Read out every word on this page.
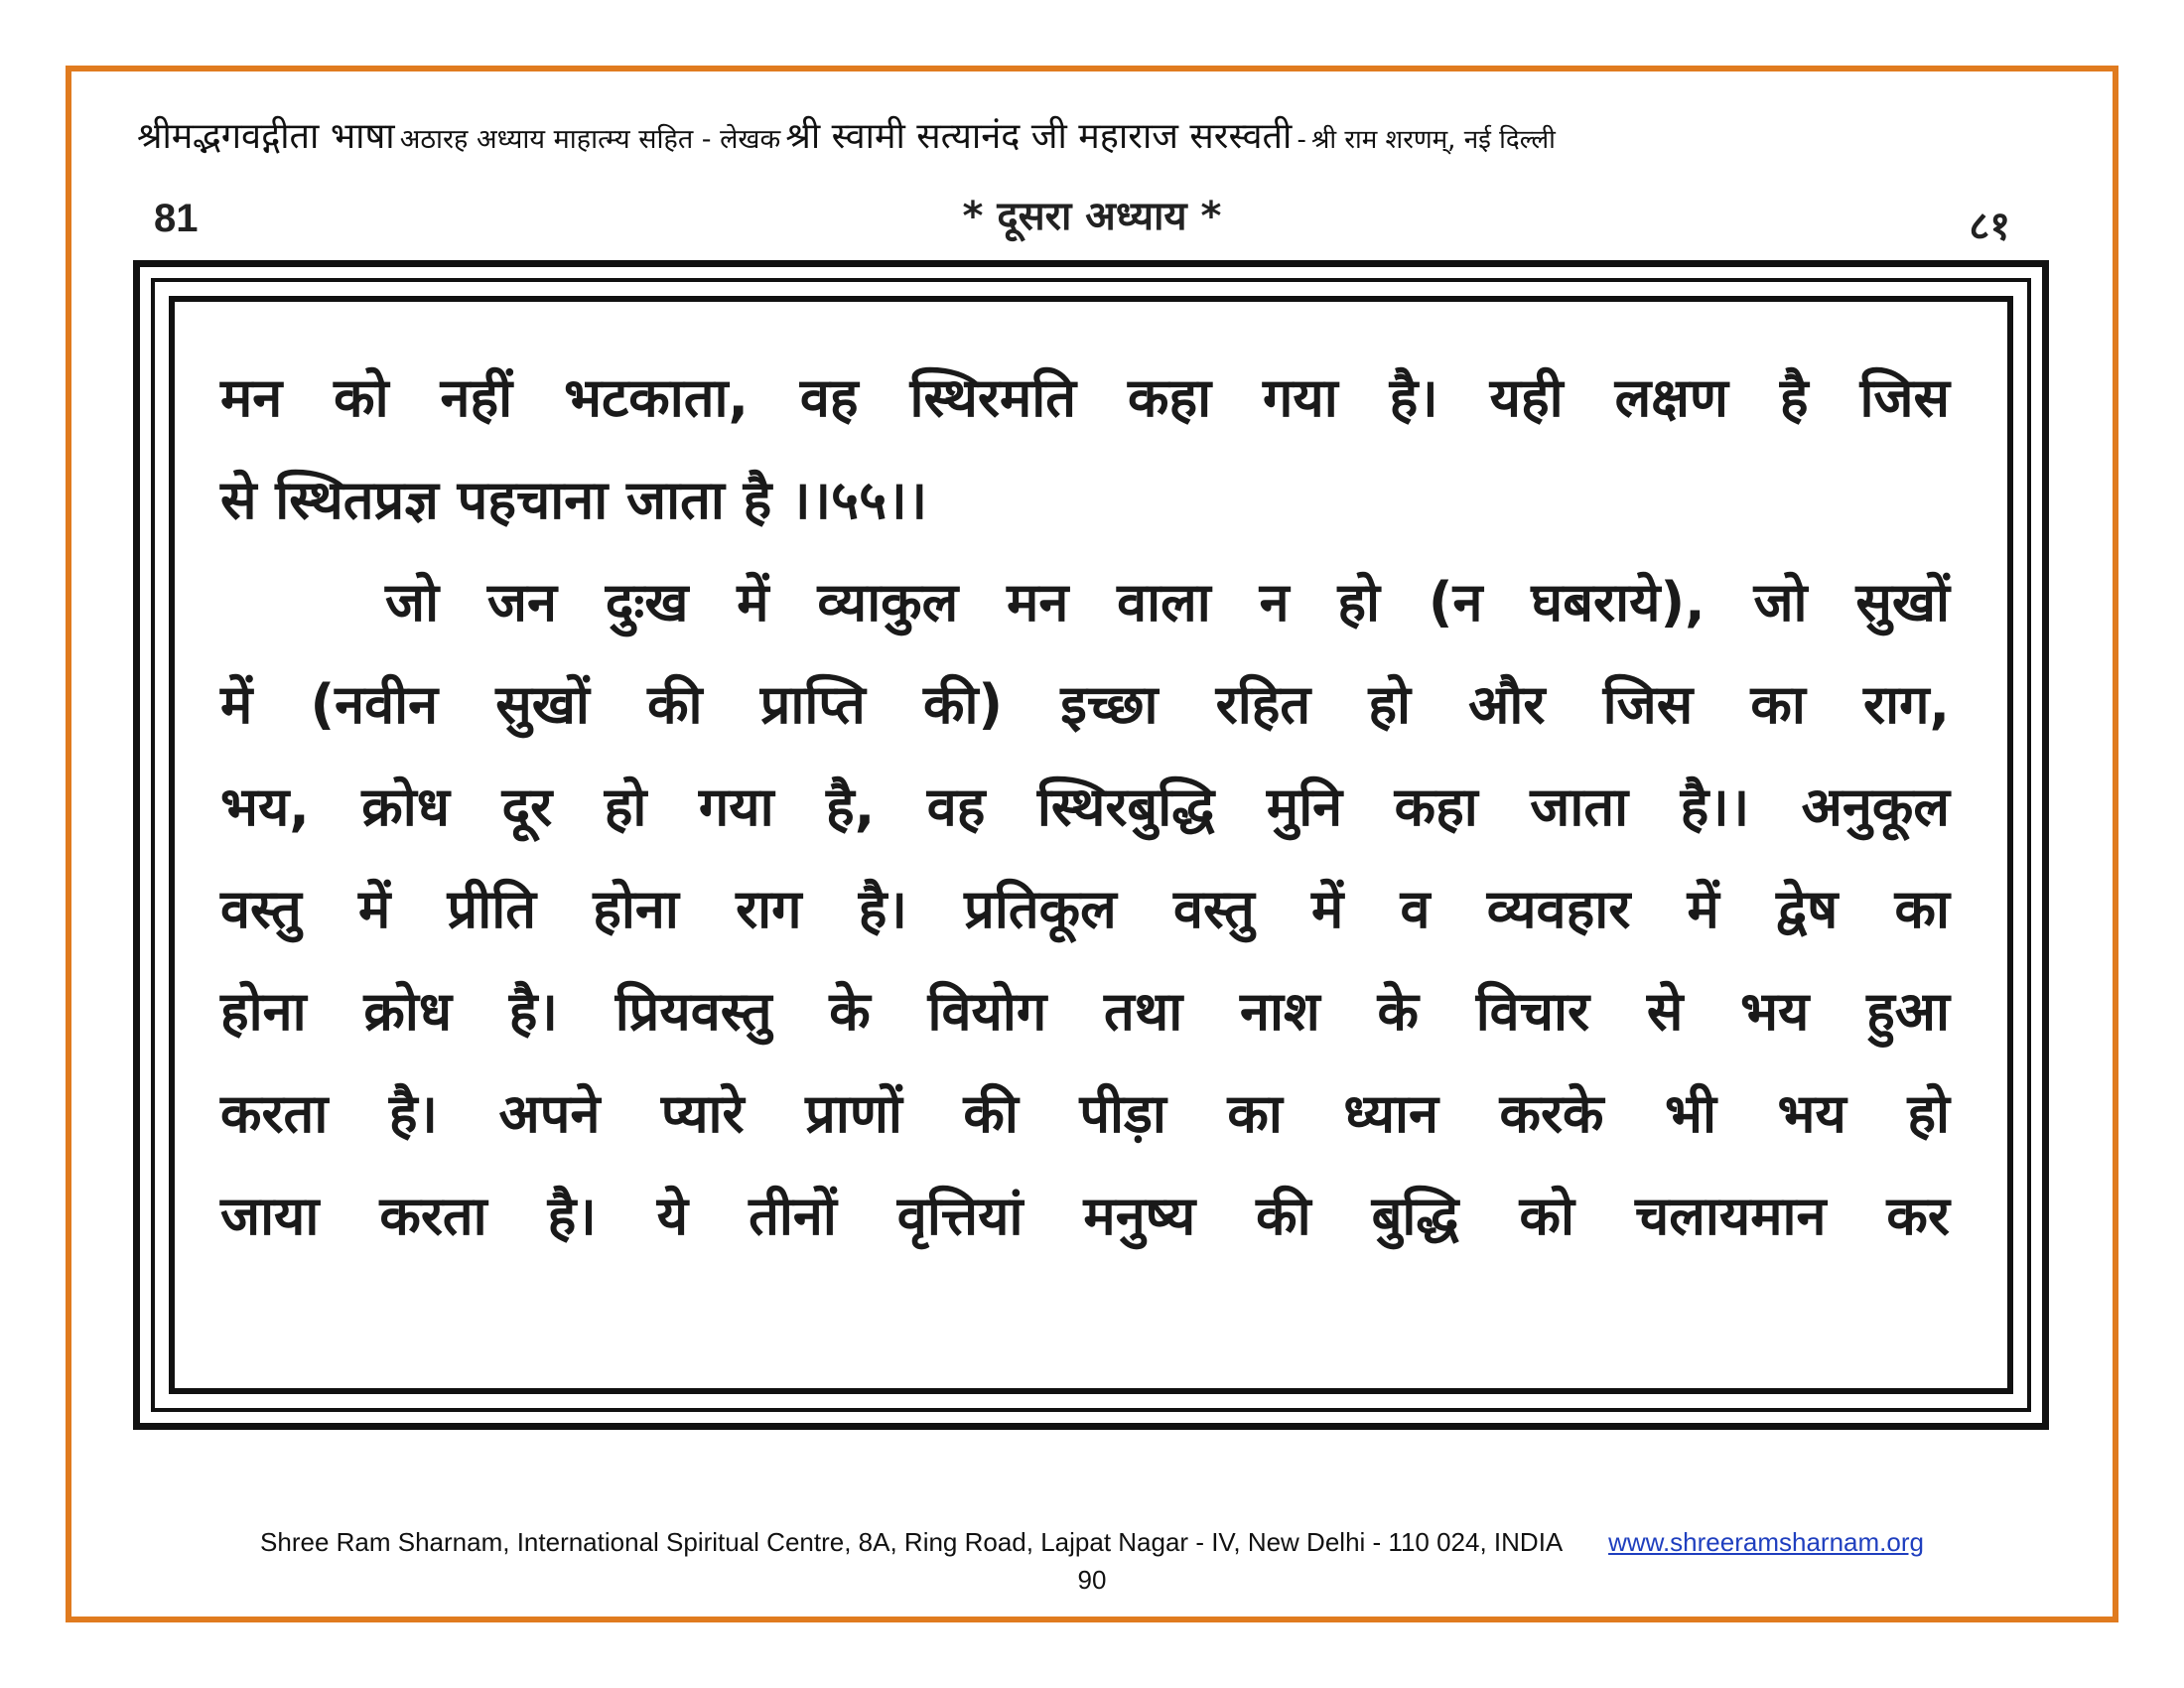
श्रीमद्भगवद्गीता भाषा अठारह अध्याय माहात्म्य सहित - लेखक श्री स्वामी सत्यानंद जी महाराज सरस्वती - श्री राम शरणम्, नई दिल्ली
81	* दूसरा अध्याय *	८१
मन को नहीं भटकाता, वह स्थिरमति कहा गया है। यही लक्षण है जिस
से स्थितप्रज्ञ पहचाना जाता है ।।५५।।
जो जन दुःख में व्याकुल मन वाला न हो (न घबराये), जो सुखों
में (नवीन सुखों की प्राप्ति की) इच्छा रहित हो और जिस का राग,
भय, क्रोध दूर हो गया है, वह स्थिरबुद्धि मुनि कहा जाता है।। अनुकूल
वस्तु में प्रीति होना राग है। प्रतिकूल वस्तु में व व्यवहार में द्वेष का
होना क्रोध है। प्रियवस्तु के वियोग तथा नाश के विचार से भय हुआ
करता है। अपने प्यारे प्राणों की पीड़ा का ध्यान करके भी भय हो
जाया करता है। ये तीनों वृत्तियां मनुष्य की बुद्धि को चलायमान कर
Shree Ram Sharnam, International Spiritual Centre, 8A, Ring Road, Lajpat Nagar - IV, New Delhi - 110 024, INDIA www.shreeramsharnam.org
90
